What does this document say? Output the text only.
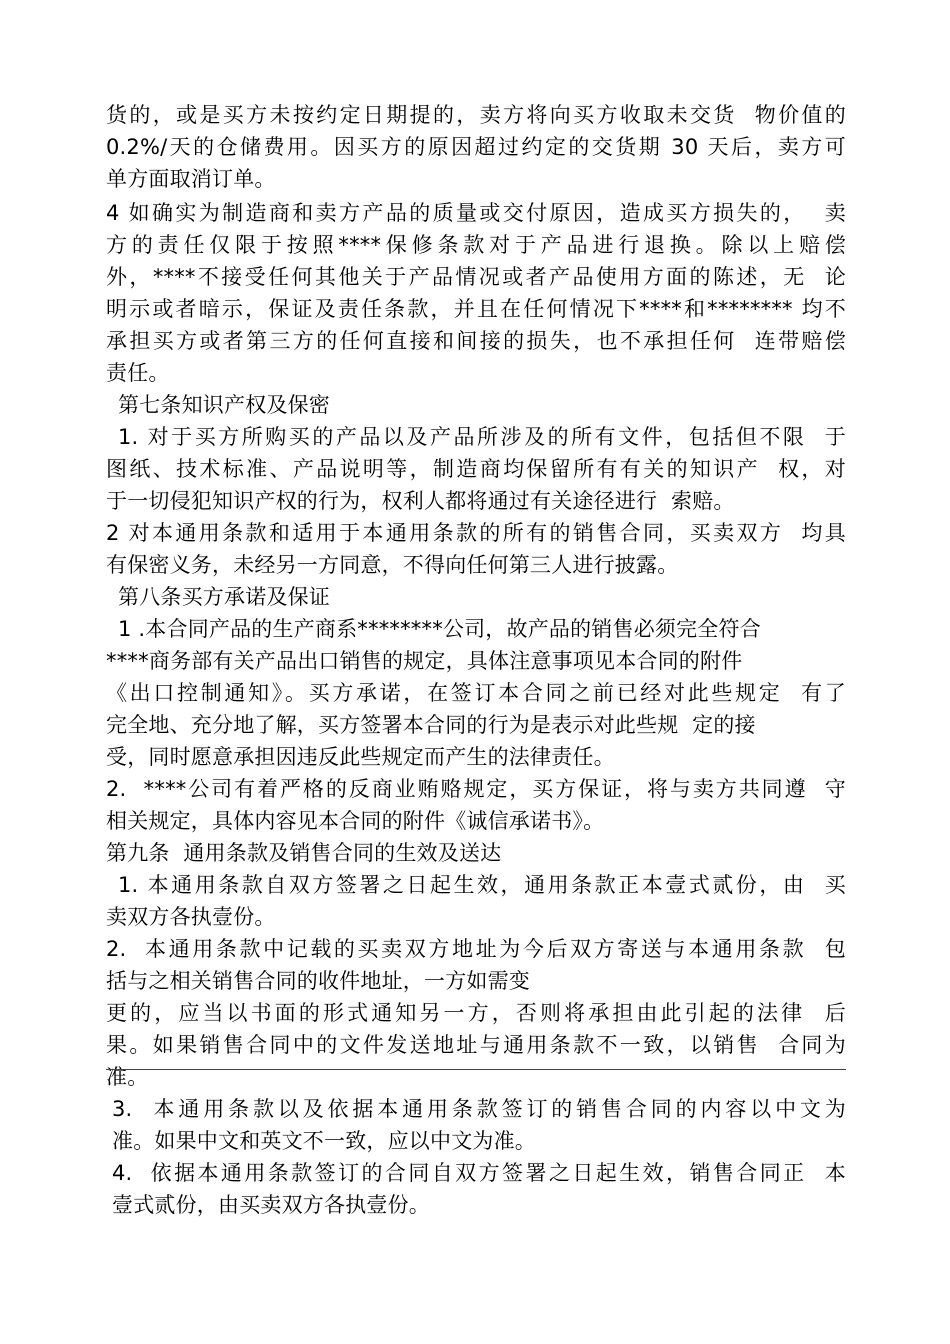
货的，或是买方未按约定日期提的，卖方将向买方收取未交货  物价值的
0.2%/天的仓储费用。因买方的原因超过约定的交货期 30 天后，卖方可
单方面取消订单。
4 如确实为制造商和卖方产品的质量或交付原因，造成买方损失的，  卖
方的责任仅限于按照****保修条款对于产品进行退换。除以上赔偿
外，****不接受任何其他关于产品情况或者产品使用方面的陈述，无  论
明示或者暗示，保证及责任条款，并且在任何情况下****和******** 均不
承担买方或者第三方的任何直接和间接的损失，也不承担任何  连带赔偿
责任。
第七条知识产权及保密
1. 对于买方所购买的产品以及产品所涉及的所有文件，包括但不限  于
图纸、技术标准、产品说明等，制造商均保留所有有关的知识产  权，对
于一切侵犯知识产权的行为，权利人都将通过有关途径进行  索赔。
2 对本通用条款和适用于本通用条款的所有的销售合同，买卖双方  均具
有保密义务，未经另一方同意，不得向任何第三人进行披露。
第八条买方承诺及保证
1 .本合同产品的生产商系********公司，故产品的销售必须完全符合
****商务部有关产品出口销售的规定，具体注意事项见本合同的附件
《出口控制通知》。买方承诺，在签订本合同之前已经对此些规定  有了
完全地、充分地了解，买方签署本合同的行为是表示对此些规  定的接
受，同时愿意承担因违反此些规定而产生的法律责任。
2.  ****公司有着严格的反商业贿赂规定，买方保证，将与卖方共同遵  守
相关规定，具体内容见本合同的附件《诚信承诺书》。
第九条  通用条款及销售合同的生效及送达
1. 本通用条款自双方签署之日起生效，通用条款正本壹式贰份，由  买
卖双方各执壹份。
2.  本通用条款中记载的买卖双方地址为今后双方寄送与本通用条款  包
括与之相关销售合同的收件地址，一方如需变
更的，应当以书面的形式通知另一方，否则将承担由此引起的法律  后
果。如果销售合同中的文件发送地址与通用条款不一致，以销售  合同为
准。
3.  本通用条款以及依据本通用条款签订的销售合同的内容以中文为
准。如果中文和英文不一致，应以中文为准。
4.  依据本通用条款签订的合同自双方签署之日起生效，销售合同正  本
壹式贰份，由买卖双方各执壹份。
